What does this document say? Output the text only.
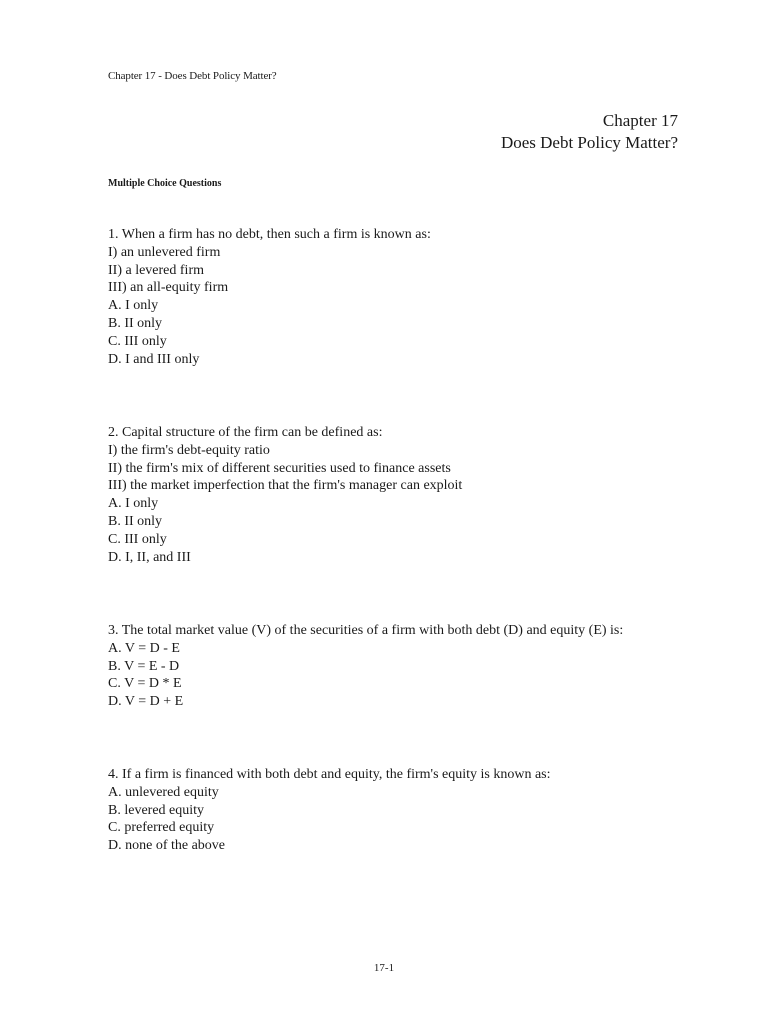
Chapter 17 - Does Debt Policy Matter?
Chapter 17
Does Debt Policy Matter?
Multiple Choice Questions
1. When a firm has no debt, then such a firm is known as:
I) an unlevered firm
II) a levered firm
III) an all-equity firm
A. I only
B. II only
C. III only
D. I and III only
2. Capital structure of the firm can be defined as:
I) the firm's debt-equity ratio
II) the firm's mix of different securities used to finance assets
III) the market imperfection that the firm's manager can exploit
A. I only
B. II only
C. III only
D. I, II, and III
3. The total market value (V) of the securities of a firm with both debt (D) and equity (E) is:
A. V = D - E
B. V = E - D
C. V = D * E
D. V = D + E
4. If a firm is financed with both debt and equity, the firm's equity is known as:
A. unlevered equity
B. levered equity
C. preferred equity
D. none of the above
17-1
